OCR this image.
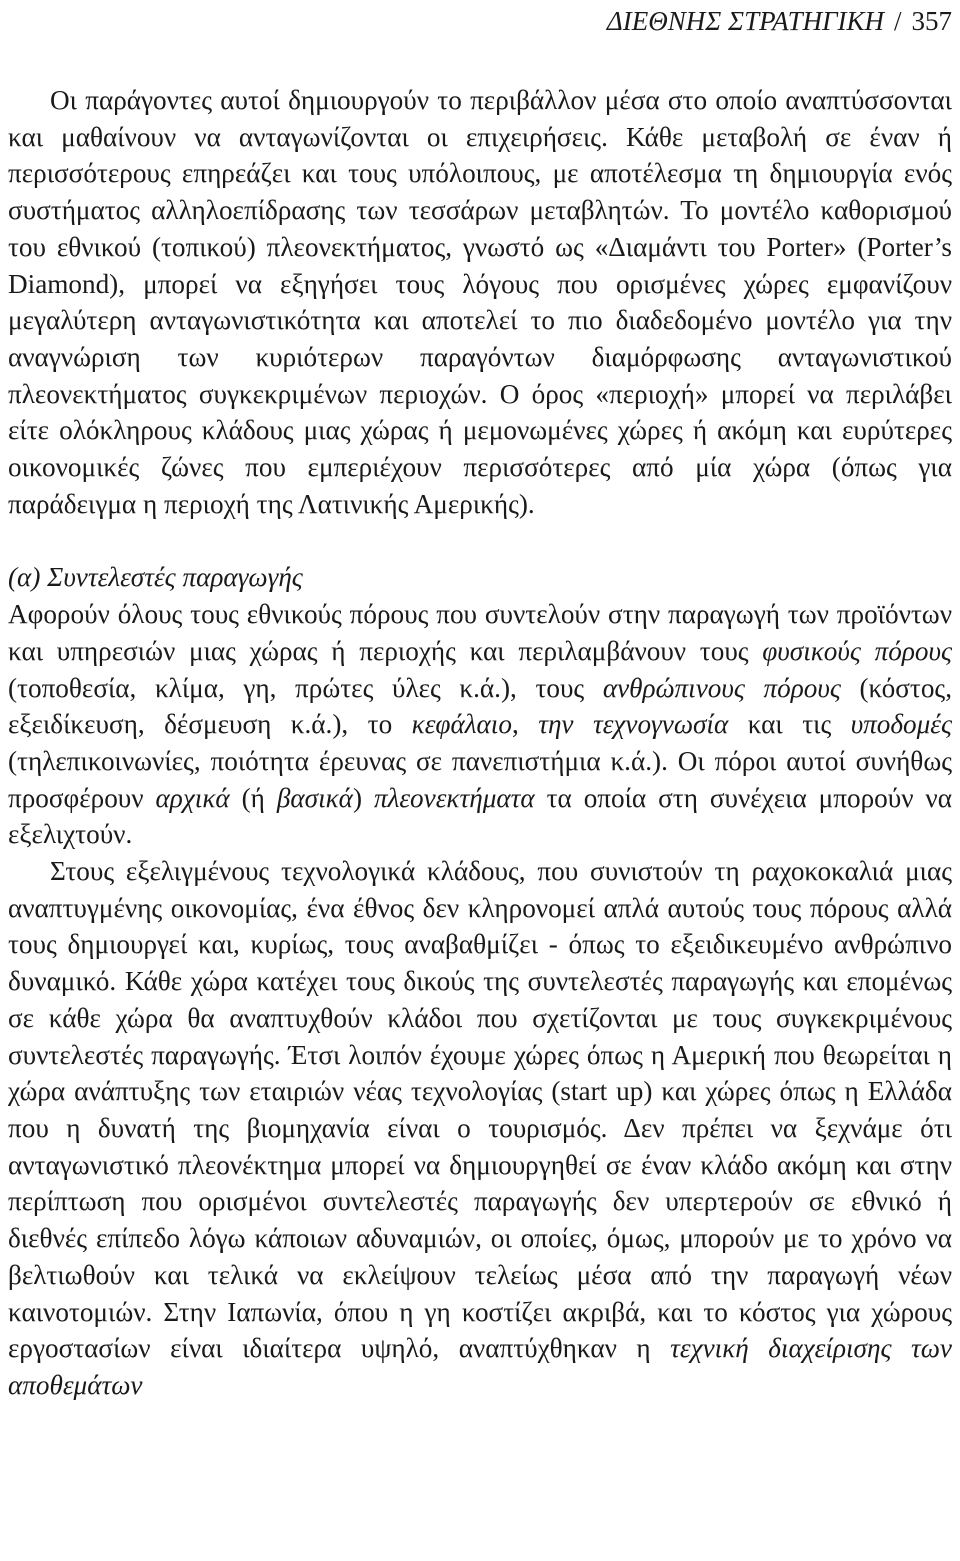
ΔΙΕΘΝΗΣ ΣΤΡΑΤΗΓΙΚΗ / 357

Οι παράγοντες αυτοί δημιουργούν το περιβάλλον μέσα στο οποίο αναπτύσσονται και μαθαίνουν να ανταγωνίζονται οι επιχειρήσεις. Κάθε μεταβολή σε έναν ή περισσότερους επηρεάζει και τους υπόλοιπους, με αποτέλεσμα τη δημιουργία ενός συστήματος αλληλοεπίδρασης των τεσσάρων μεταβλητών. Το μοντέλο καθορισμού του εθνικού (τοπικού) πλεονεκτήματος, γνωστό ως «Διαμάντι του Porter» (Porter’s Diamond), μπορεί να εξηγήσει τους λόγους που ορισμένες χώρες εμφανίζουν μεγαλύτερη ανταγωνιστικότητα και αποτελεί το πιο διαδεδομένο μοντέλο για την αναγνώριση των κυριότερων παραγόντων διαμόρφωσης ανταγωνιστικού πλεονεκτήματος συγκεκριμένων περιοχών. Ο όρος «περιοχή» μπορεί να περιλάβει είτε ολόκληρους κλάδους μιας χώρας ή μεμονωμένες χώρες ή ακόμη και ευρύτερες οικονομικές ζώνες που εμπεριέχουν περισσότερες από μία χώρα (όπως για παράδειγμα η περιοχή της Λατινικής Αμερικής).

(α) Συντελεστές παραγωγής

Αφορούν όλους τους εθνικούς πόρους που συντελούν στην παραγωγή των προϊόντων και υπηρεσιών μιας χώρας ή περιοχής και περιλαμβάνουν τους φυσικούς πόρους (τοποθεσία, κλίμα, γη, πρώτες ύλες κ.ά.), τους ανθρώπινους πόρους (κόστος, εξειδίκευση, δέσμευση κ.ά.), το κεφάλαιο, την τεχνογνωσία και τις υποδομές (τηλεπικοινωνίες, ποιότητα έρευνας σε πανεπιστήμια κ.ά.). Οι πόροι αυτοί συνήθως προσφέρουν αρχικά (ή βασικά) πλεονεκτήματα τα οποία στη συνέχεια μπορούν να εξελιχτούν.

Στους εξελιγμένους τεχνολογικά κλάδους, που συνιστούν τη ραχοκοκαλιά μιας αναπτυγμένης οικονομίας, ένα έθνος δεν κληρονομεί απλά αυτούς τους πόρους αλλά τους δημιουργεί και, κυρίως, τους αναβαθμίζει - όπως το εξειδικευμένο ανθρώπινο δυναμικό. Κάθε χώρα κατέχει τους δικούς της συντελεστές παραγωγής και επομένως σε κάθε χώρα θα αναπτυχθούν κλάδοι που σχετίζονται με τους συγκεκριμένους συντελεστές παραγωγής. Έτσι λοιπόν έχουμε χώρες όπως η Αμερική που θεωρείται η χώρα ανάπτυξης των εταιριών νέας τεχνολογίας (start up) και χώρες όπως η Ελλάδα που η δυνατή της βιομηχανία είναι ο τουρισμός. Δεν πρέπει να ξεχνάμε ότι ανταγωνιστικό πλεονέκτημα μπορεί να δημιουργηθεί σε έναν κλάδο ακόμη και στην περίπτωση που ορισμένοι συντελεστές παραγωγής δεν υπερτερούν σε εθνικό ή διεθνές επίπεδο λόγω κάποιων αδυναμιών, οι οποίες, όμως, μπορούν με το χρόνο να βελτιωθούν και τελικά να εκλείψουν τελείως μέσα από την παραγωγή νέων καινοτομιών. Στην Ιαπωνία, όπου η γη κοστίζει ακριβά, και το κόστος για χώρους εργοστασίων είναι ιδιαίτερα υψηλό, αναπτύχθηκαν η τεχνική διαχείρισης των αποθεμάτων
